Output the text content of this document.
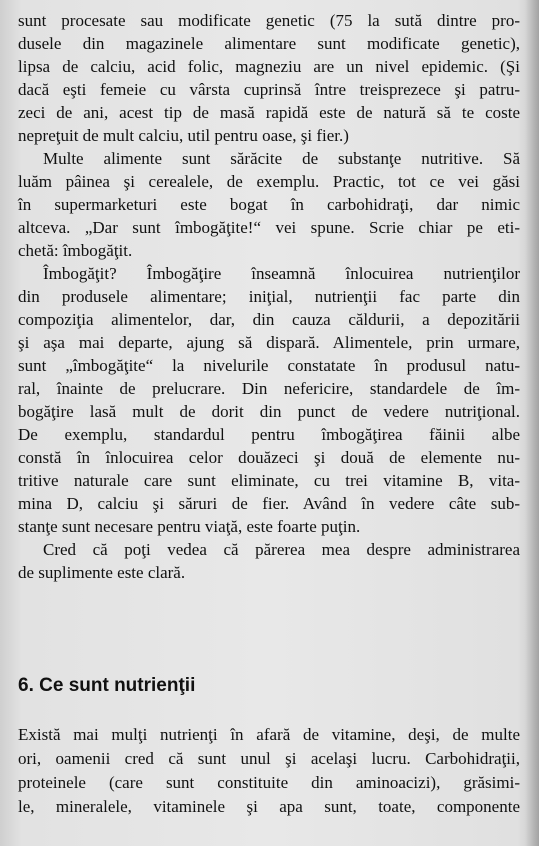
sunt procesate sau modificate genetic (75 la sută dintre pro-
dusele din magazinele alimentare sunt modificate genetic),
lipsa de calciu, acid folic, magneziu are un nivel epidemic. (Şi
dacă eşti femeie cu vârsta cuprinsă între treisprezece şi patru-
zeci de ani, acest tip de masă rapidă este de natură să te coste
nepreţuit de mult calciu, util pentru oase, şi fier.)
Multe alimente sunt sărăcite de substanţe nutritive. Să
luăm pâinea şi cerealele, de exemplu. Practic, tot ce vei găsi
în supermarketuri este bogat în carbohidraţi, dar nimic
altceva. „Dar sunt îmbogăţite!“ vei spune. Scrie chiar pe eti-
chetă: îmbogăţit.
Îmbogăţit? Îmbogăţire înseamnă înlocuirea nutrienţilor
din produsele alimentare; iniţial, nutrienţii fac parte din
compoziţia alimentelor, dar, din cauza căldurii, a depozitării
şi aşa mai departe, ajung să dispară. Alimentele, prin urmare,
sunt „îmbogăţite“ la nivelurile constatate în produsul natu-
ral, înainte de prelucrare. Din nefericire, standardele de îm-
bogăţire lasă mult de dorit din punct de vedere nutriţional.
De exemplu, standardul pentru îmbogăţirea făinii albe
constă în înlocuirea celor douăzeci şi două de elemente nu-
tritive naturale care sunt eliminate, cu trei vitamine B, vita-
mina D, calciu şi săruri de fier. Având în vedere câte sub-
stanţe sunt necesare pentru viaţă, este foarte puţin.
Cred că poţi vedea că părerea mea despre administrarea
de suplimente este clară.
6. Ce sunt nutrienţii
Există mai mulţi nutrienţi în afară de vitamine, deşi, de multe
ori, oamenii cred că sunt unul şi acelaşi lucru. Carbohidraţii,
proteinele (care sunt constituite din aminoacizi), grăsimi-
le, mineralele, vitaminele şi apa sunt, toate, componente
